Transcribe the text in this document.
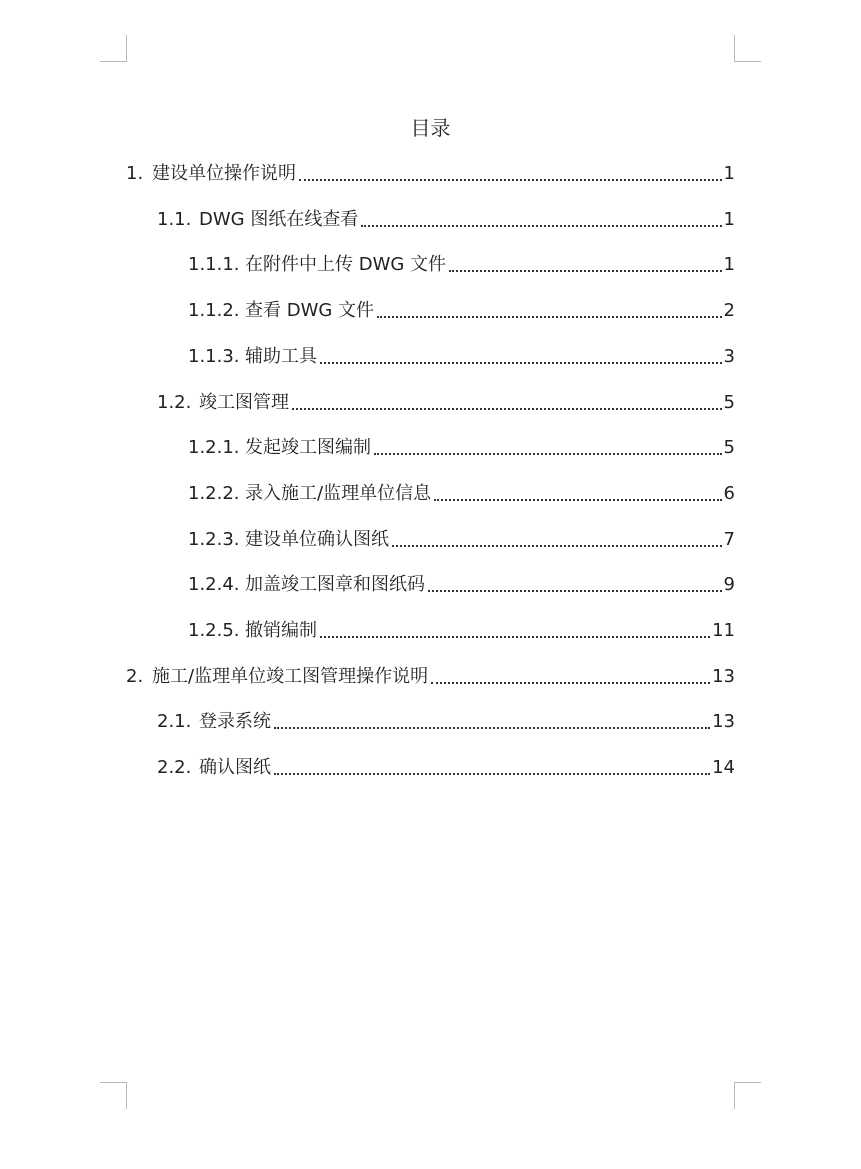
目录
1. 建设单位操作说明	1
1.1. DWG 图纸在线查看	1
1.1.1. 在附件中上传 DWG 文件	1
1.1.2. 查看 DWG 文件	2
1.1.3. 辅助工具	3
1.2. 竣工图管理	5
1.2.1. 发起竣工图编制	5
1.2.2. 录入施工/监理单位信息	6
1.2.3. 建设单位确认图纸	7
1.2.4. 加盖竣工图章和图纸码	9
1.2.5. 撤销编制	11
2. 施工/监理单位竣工图管理操作说明	13
2.1. 登录系统	13
2.2. 确认图纸	14
